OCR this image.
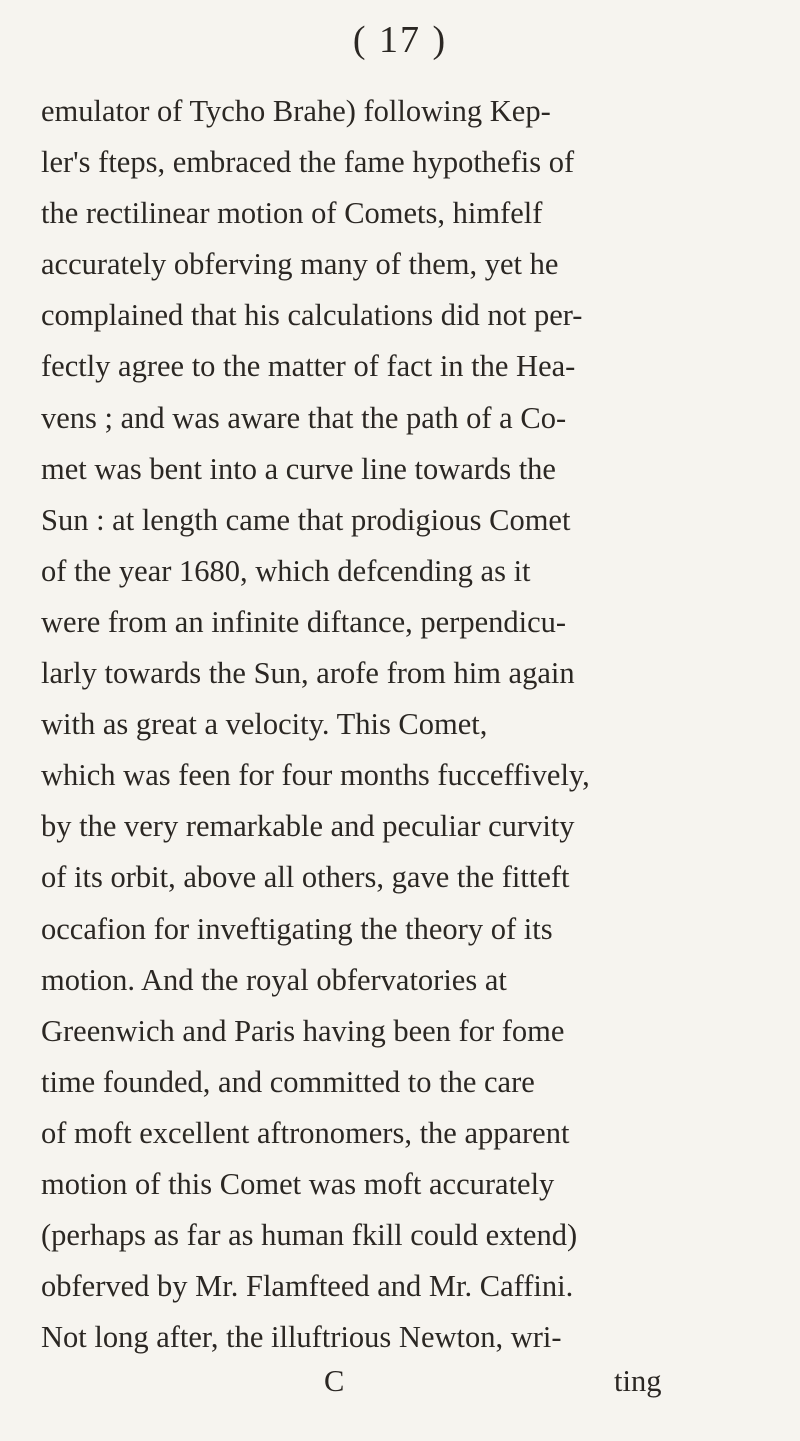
( 17 )
emulator of Tycho Brahe) following Kep-
ler's fteps, embraced the fame hypothefis of
the rectilinear motion of Comets, himfelf
accurately obferving many of them, yet he
complained that his calculations did not per-
fectly agree to the matter of fact in the Hea-
vens ; and was aware that the path of a Co-
met was bent into a curve line towards the
Sun : at length came that prodigious Comet
of the year 1680, which defcending as it
were from an infinite diftance, perpendicu-
larly towards the Sun, arofe from him again
with as great a velocity. This Comet,
which was feen for four months fucceffively,
by the very remarkable and peculiar curvity
of its orbit, above all others, gave the fitteft
occafion for inveftigating the theory of its
motion. And the royal obfervatories at
Greenwich and Paris having been for fome
time founded, and committed to the care
of moft excellent aftronomers, the apparent
motion of this Comet was moft accurately
(perhaps as far as human fkill could extend)
obferved by Mr. Flamfteed and Mr. Caffini.
Not long after, the illuftrious Newton, wri-
C	ting
